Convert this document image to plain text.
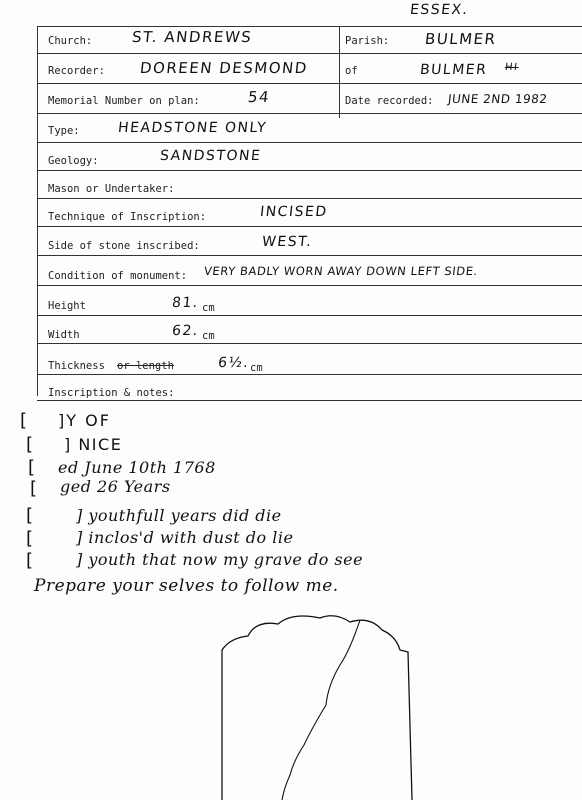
ESSEX.
Church:	ST. ANDREWS	Parish: BULMER
Recorder: DOREEN DESMOND	of	BULMER HI
Memorial Number on plan:	54	Date recorded: JUNE 2ND 1982
Type:	HEADSTONE ONLY
Geology:	SANDSTONE
Mason or Undertaker:
Technique of Inscription:	INCISED
Side of stone inscribed:	WEST.
Condition of monument: VERY BADLY WORN AWAY DOWN LEFT SIDE.
Height	81. cm
Width	62. cm
Thickness or length	6½. cm
Inscription & notes:
[ ]Y OF
[ ] NICE
[ ed June 10th 1768
[ ged 26 Years
[	] youthfull years did die
[	] inclos'd with dust do lie
[	] youth that now my grave do see
Prepare your selves to follow me.
